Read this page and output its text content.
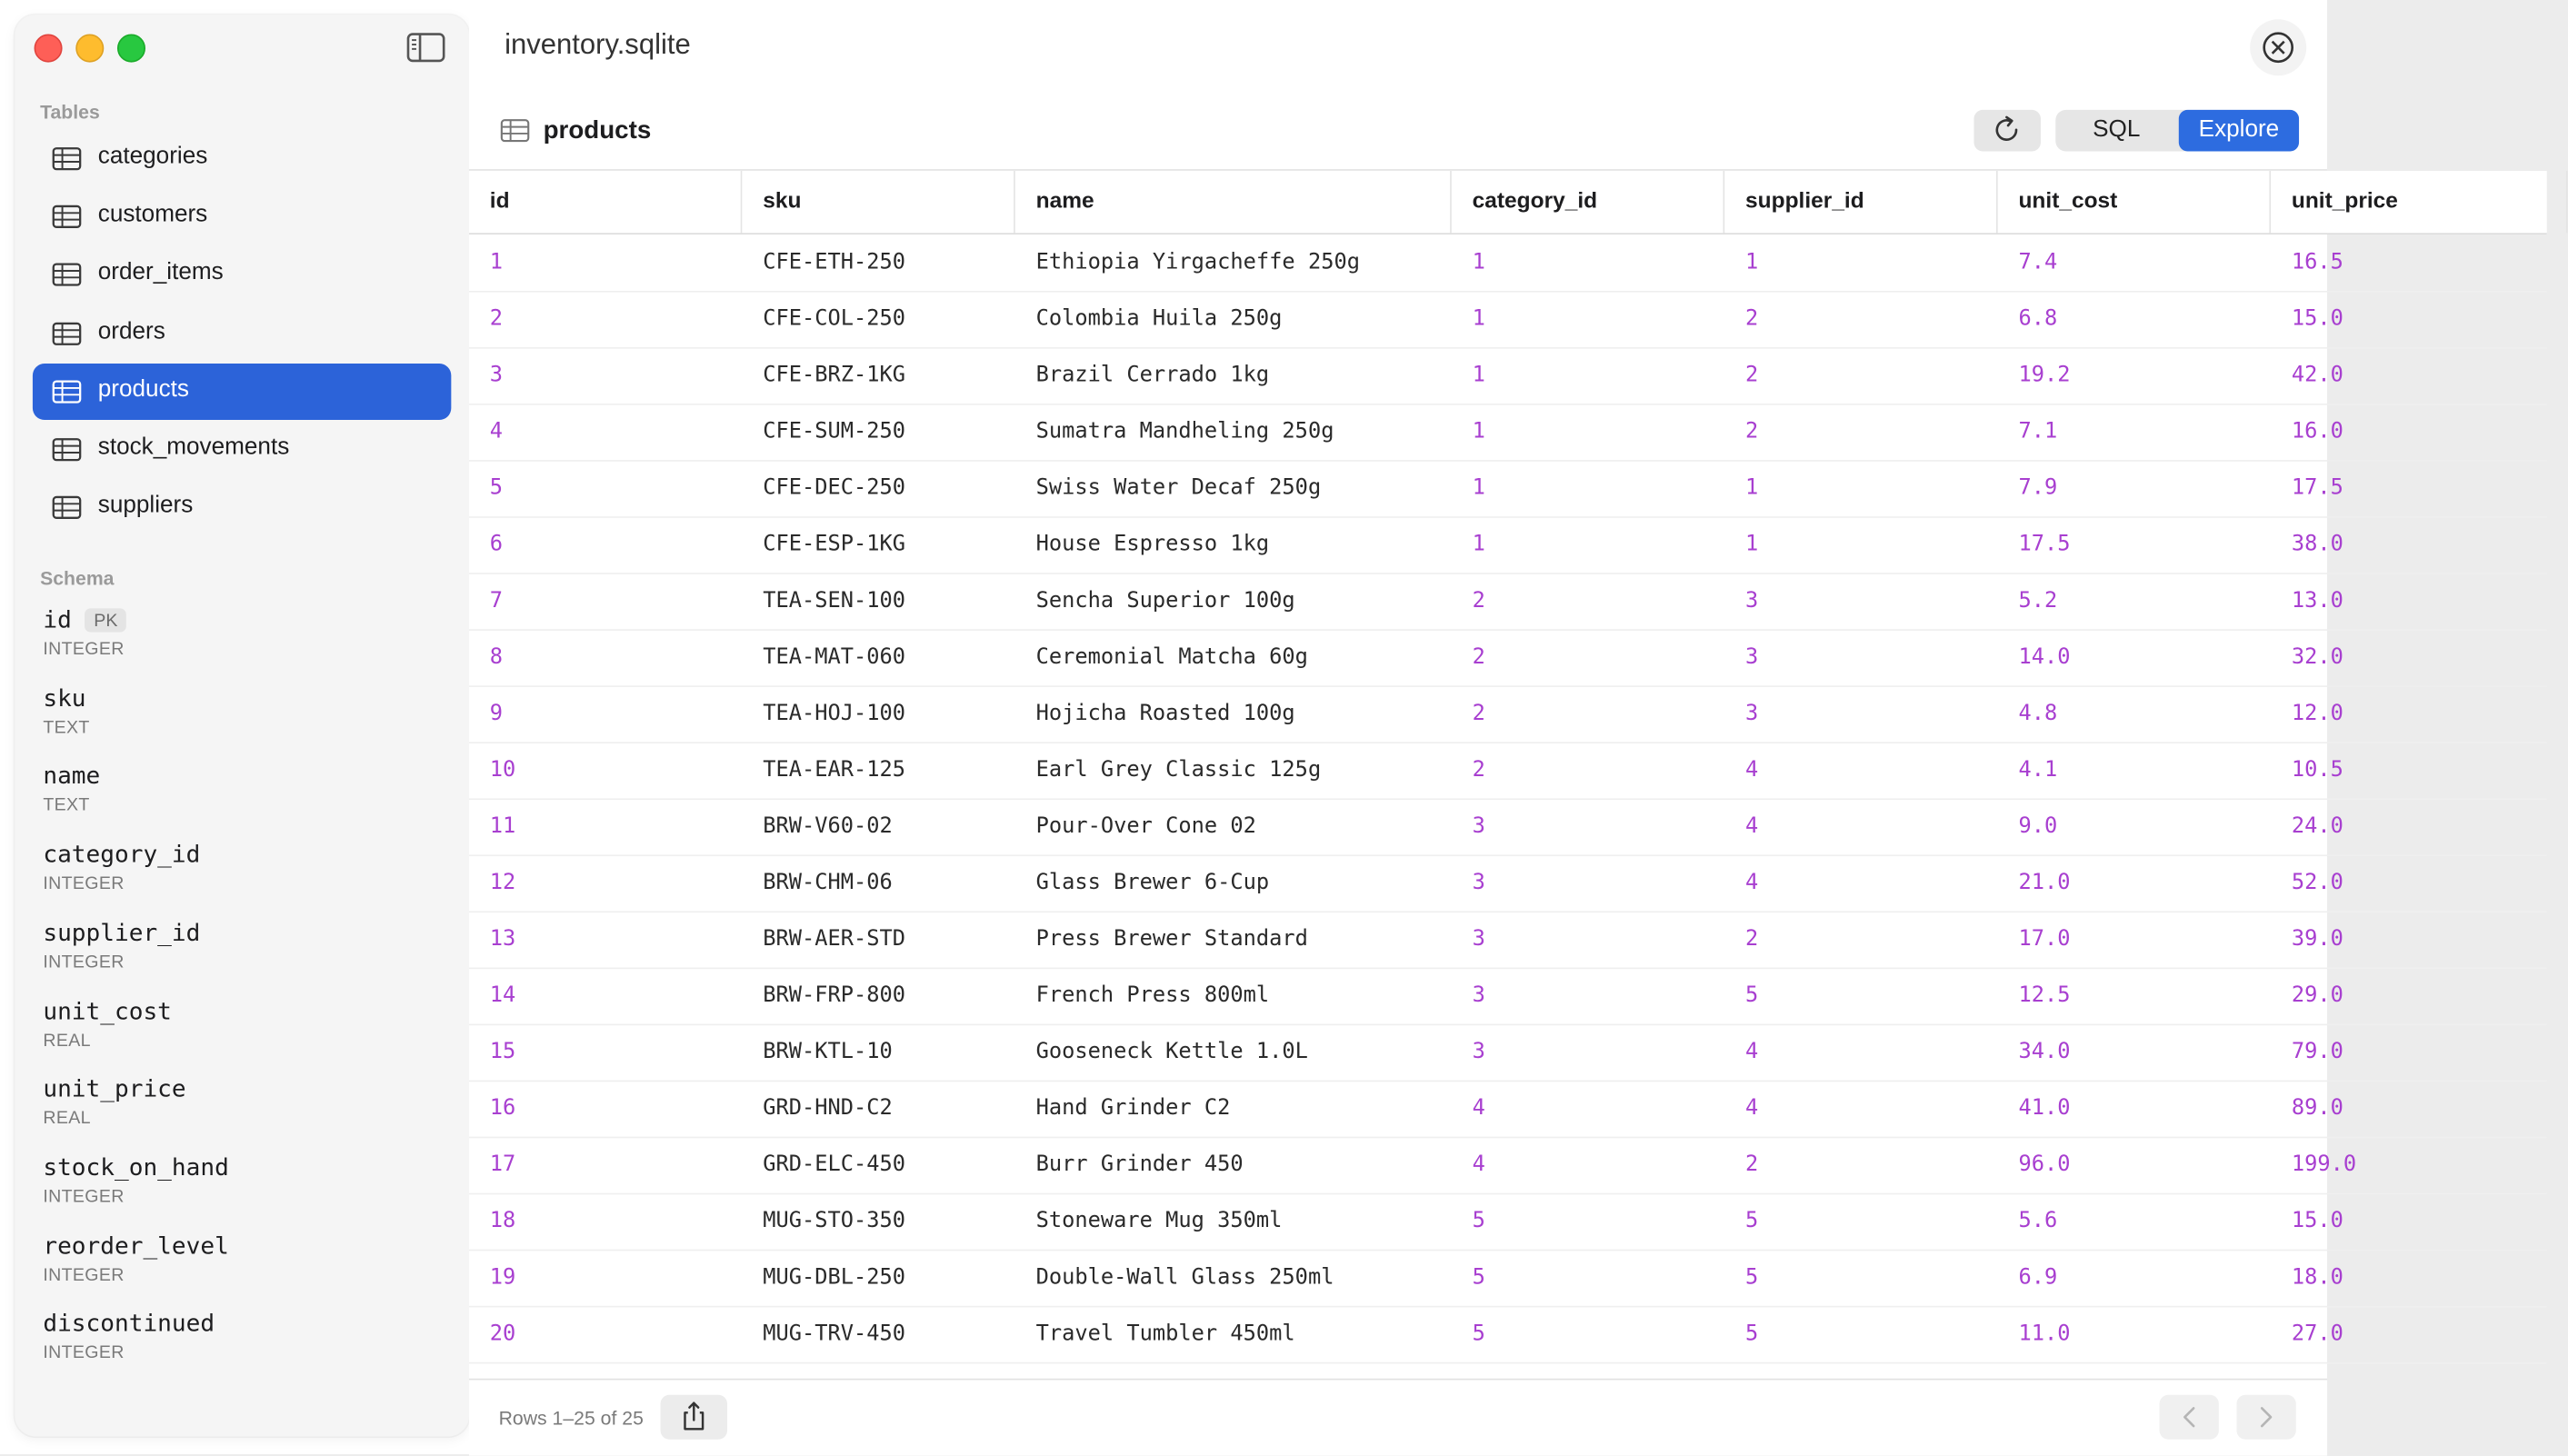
Tables
categories
customers
order_items
orders
products
stock_movements
suppliers
Schema
id	PK
INTEGER
sku
TEXT
name
TEXT
category_id
INTEGER
supplier_id
INTEGER
unit_cost
REAL
unit_price
REAL
stock_on_hand
INTEGER
reorder_level
INTEGER
discontinued
INTEGER
inventory.sqlite
products	SQL	Explore
id	sku	name	category_id	supplier_id	unit_cost	unit_price
1	CFE-ETH-250	Ethiopia Yirgacheffe 250g	1	1	7.4	16.5
2	CFE-COL-250	Colombia Huila 250g	1	2	6.8	15.0
3	CFE-BRZ-1KG	Brazil Cerrado 1kg	1	2	19.2	42.0
4	CFE-SUM-250	Sumatra Mandheling 250g	1	2	7.1	16.0
5	CFE-DEC-250	Swiss Water Decaf 250g	1	1	7.9	17.5
6	CFE-ESP-1KG	House Espresso 1kg	1	1	17.5	38.0
7	TEA-SEN-100	Sencha Superior 100g	2	3	5.2	13.0
8	TEA-MAT-060	Ceremonial Matcha 60g	2	3	14.0	32.0
9	TEA-HOJ-100	Hojicha Roasted 100g	2	3	4.8	12.0
10	TEA-EAR-125	Earl Grey Classic 125g	2	4	4.1	10.5
11	BRW-V60-02	Pour-Over Cone 02	3	4	9.0	24.0
12	BRW-CHM-06	Glass Brewer 6-Cup	3	4	21.0	52.0
13	BRW-AER-STD	Press Brewer Standard	3	2	17.0	39.0
14	BRW-FRP-800	French Press 800ml	3	5	12.5	29.0
15	BRW-KTL-10	Gooseneck Kettle 1.0L	3	4	34.0	79.0
16	GRD-HND-C2	Hand Grinder C2	4	4	41.0	89.0
17	GRD-ELC-450	Burr Grinder 450	4	2	96.0	199.0
18	MUG-STO-350	Stoneware Mug 350ml	5	5	5.6	15.0
19	MUG-DBL-250	Double-Wall Glass 250ml	5	5	6.9	18.0
20	MUG-TRV-450	Travel Tumbler 450ml	5	5	11.0	27.0
Rows 1–25 of 25
